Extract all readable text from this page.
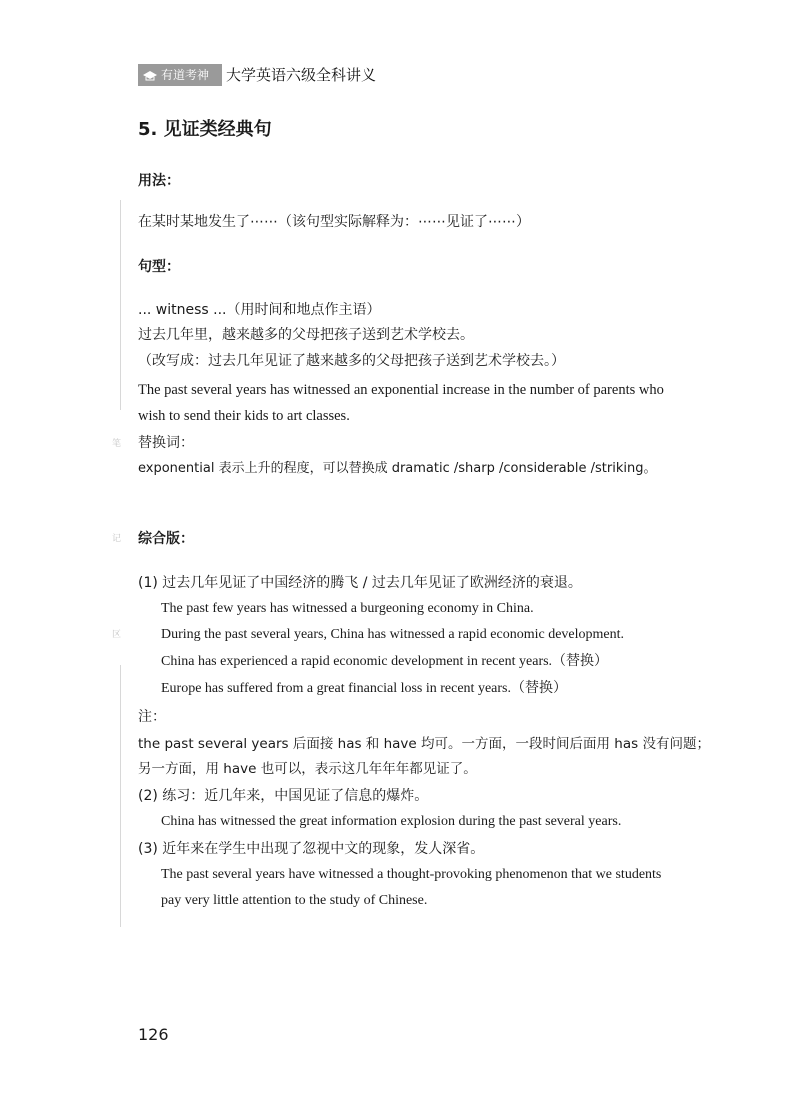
有道考神 大学英语六级全科讲义
5. 见证类经典句
笔
记
区
用法：
在某时某地发生了⋯⋯（该句型实际解释为：⋯⋯见证了⋯⋯）
句型：
... witness ...（用时间和地点作主语）
过去几年里，越来越多的父母把孩子送到艺术学校去。
（改写成：过去几年见证了越来越多的父母把孩子送到艺术学校去。）
The past several years has witnessed an exponential increase in the number of parents who
wish to send their kids to art classes.
替换词：
exponential 表示上升的程度，可以替换成 dramatic /sharp /considerable /striking。
综合版：
(1) 过去几年见证了中国经济的腾飞 / 过去几年见证了欧洲经济的衰退。
The past few years has witnessed a burgeoning economy in China.
During the past several years, China has witnessed a rapid economic development.
China has experienced a rapid economic development in recent years.（替换）
Europe has suffered from a great financial loss in recent years.（替换）
注：
the past several years 后面接 has 和 have 均可。一方面，一段时间后面用 has 没有问题；
另一方面，用 have 也可以，表示这几年年年都见证了。
(2) 练习：近几年来，中国见证了信息的爆炸。
China has witnessed the great information explosion during the past several years.
(3) 近年来在学生中出现了忽视中文的现象，发人深省。
The past several years have witnessed a thought-provoking phenomenon that we students
pay very little attention to the study of Chinese.
126
